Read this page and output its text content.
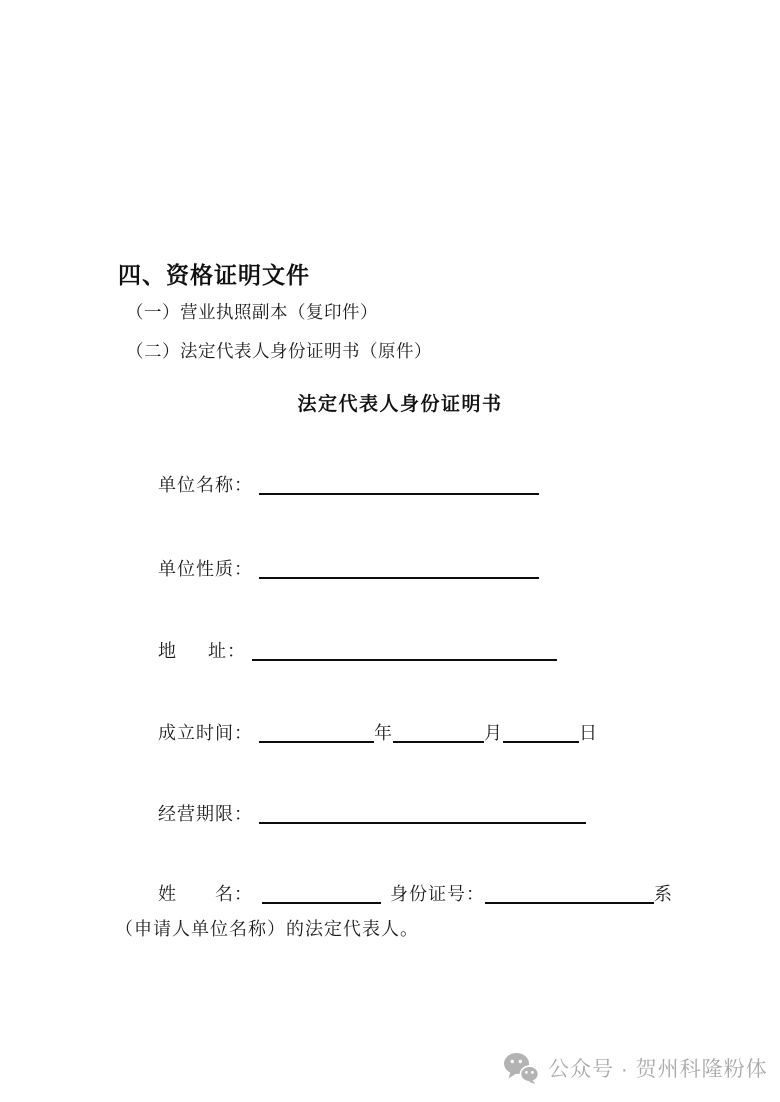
四、资格证明文件
（一）营业执照副本（复印件）
（二）法定代表人身份证明书（原件）
法定代表人身份证明书
单位名称：
单位性质：
地 址：
成立时间：	年	月	日
经营期限：
姓 名：	身份证号：	系
（申请人单位名称）的法定代表人。
公众号 · 贺州科隆粉体
